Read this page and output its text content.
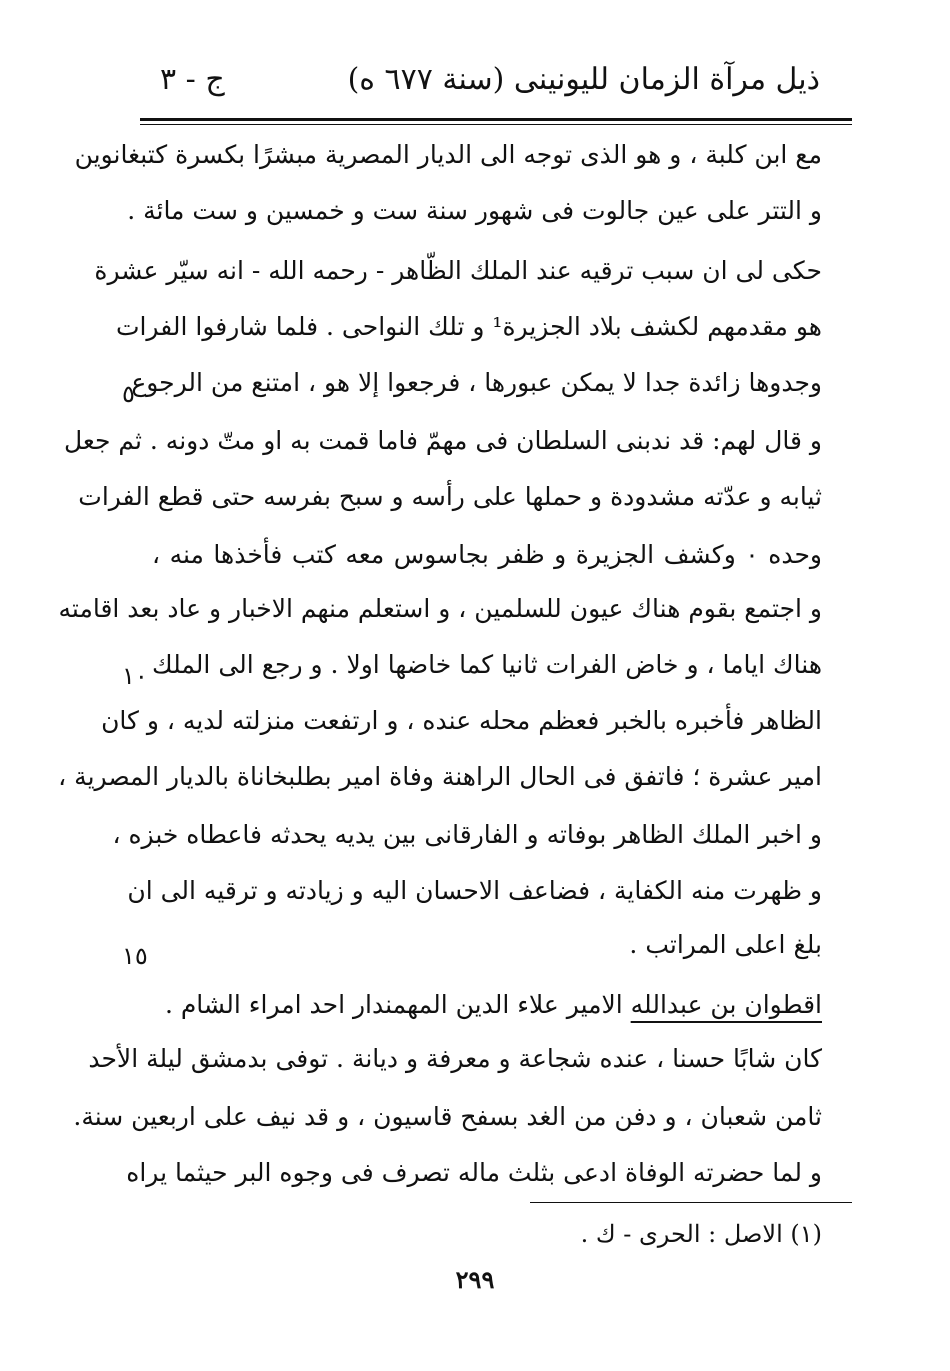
ذيل مرآة الزمان لليونينى (سنة ٦٧٧ ه)
ج - ٣
مع ابن كلبة ، و هو الذى توجه الى الديار المصرية مبشرًا بكسرة كتبغانوين
و التتر على عين جالوت فى شهور سنة ست و خمسين و ست مائة .
حكى لى ان سبب ترقيه عند الملك الظّاهر - رحمه الله - انه سيّر عشرة
هو مقدمهم لكشف بلاد الجزيرة¹ و تلك النواحى . فلما شارفوا الفرات
وجدوها زائدة جدا لا يمكن عبورها ، فرجعوا إلا هو ، امتنع من الرجوع
و قال لهم: قد ندبنى السلطان فى مهمّ فاما قمت به او متّ دونه . ثم جعل
ثيابه و عدّته مشدودة و حملها على رأسه و سبح بفرسه حتى قطع الفرات
وحده ٠ وكشف الجزيرة و ظفر بجاسوس معه كتب فأخذها منه ،
و اجتمع بقوم هناك عيون للسلمين ، و استعلم منهم الاخبار و عاد بعد اقامته
هناك اياما ، و خاض الفرات ثانيا كما خاضها اولا . و رجع الى الملك
الظاهر فأخبره بالخبر فعظم محله عنده ، و ارتفعت منزلته لديه ، و كان
امير عشرة ؛ فاتفق فى الحال الراهنة وفاة امير بطلبخاناة بالديار المصرية ،
و اخبر الملك الظاهر بوفاته و الفارقانى بين يديه يحدثه فاعطاه خبزه ،
و ظهرت منه الكفاية ، فضاعف الاحسان اليه و زيادته و ترقيه الى ان
بلغ اعلى المراتب .
اقطوان بن عبدالله الامير علاء الدين المهمندار احد امراء الشام .
كان شابًا حسنا ، عنده شجاعة و معرفة و ديانة . توفى بدمشق ليلة الأحد
ثامن شعبان ، و دفن من الغد بسفح قاسيون ، و قد نيف على اربعين سنة.
و لما حضرته الوفاة ادعى بثلث ماله تصرف فى وجوه البر حيثما يراه
٥
١٠
١٥
(١) الاصل : الحرى - ك .
٢٩٩
